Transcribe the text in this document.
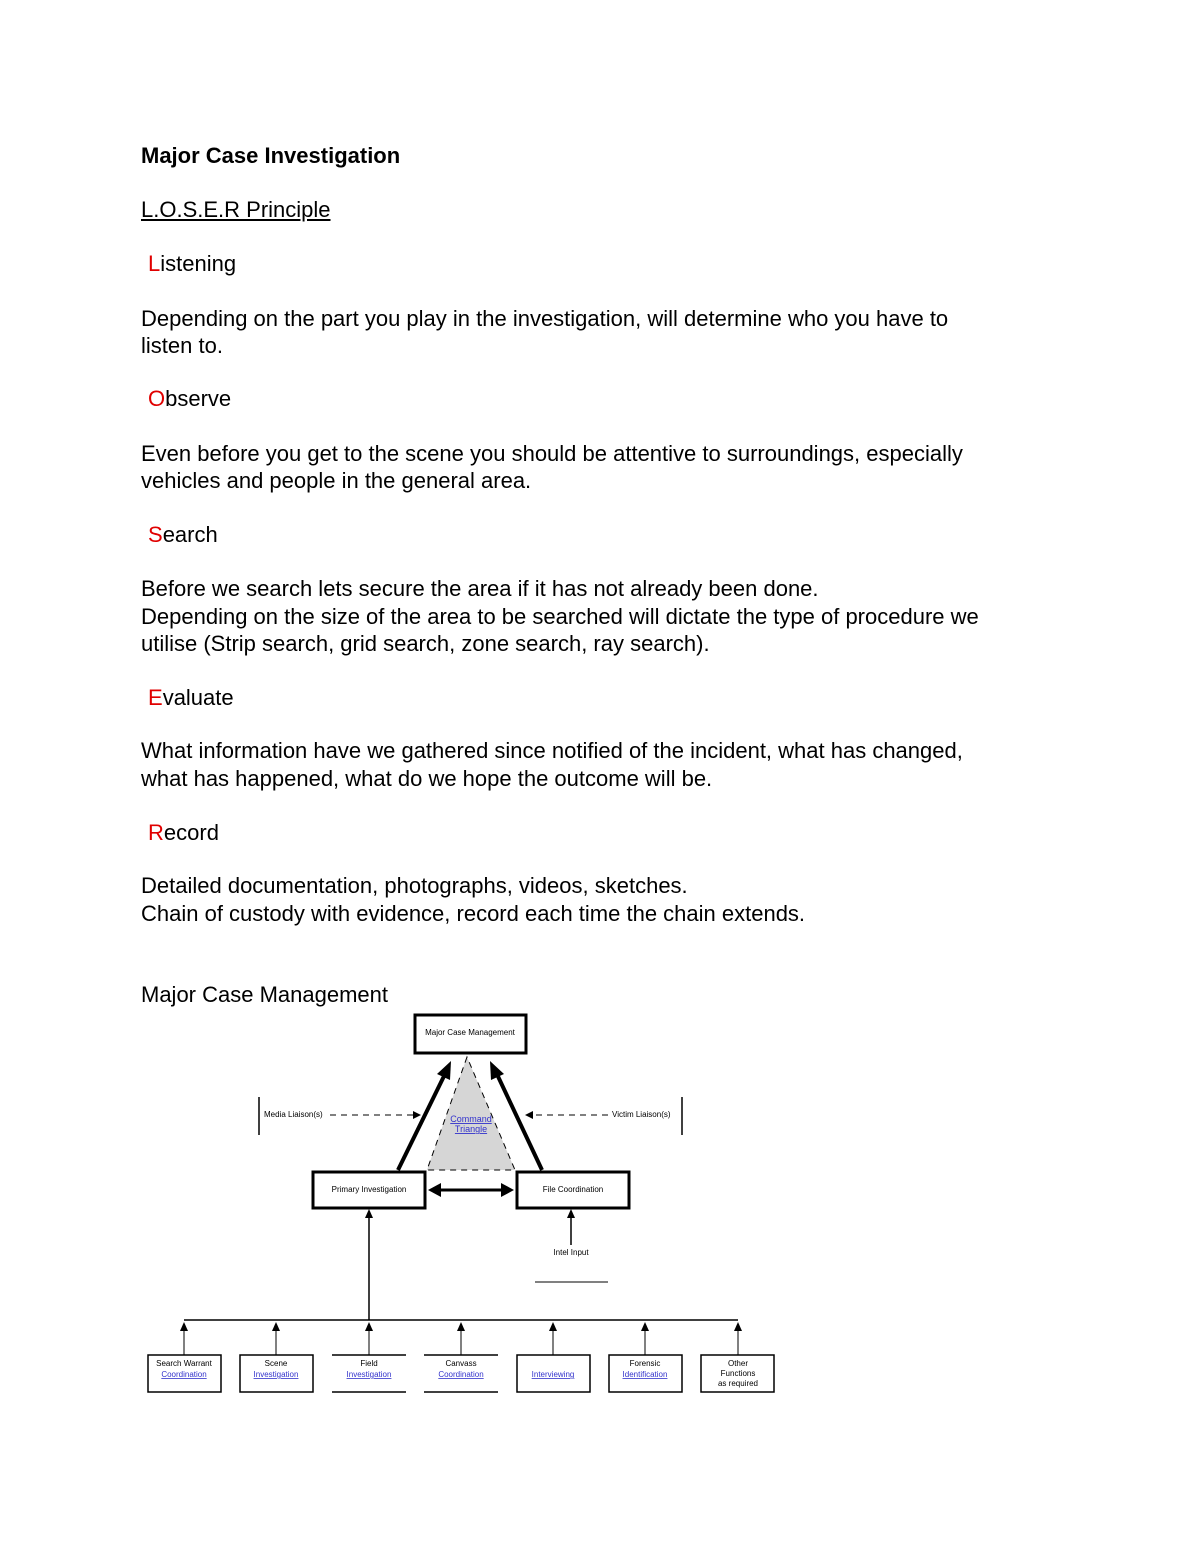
Major Case Investigation

L.O.S.E.R Principle

Listening

Depending on the part you play in the investigation, will determine who you have to

listen to.

Observe

Even before you get to the scene you should be attentive to surroundings, especially

vehicles and people in the general area.

Search

Before we search lets secure the area if it has not already been done.

Depending on the size of the area to be searched will dictate the type of procedure we

utilise (Strip search, grid search, zone search, ray search).

Evaluate

What information have we gathered since notified of the incident, what has changed,

what has happened, what do we hope the outcome will be.

Record

Detailed documentation, photographs, videos, sketches.

Chain of custody with evidence, record each time the chain extends.

Major Case Management

Command
Triangle
Major Case Management
Media Liaison(s)	Victim Liaison(s)
Primary Investigation	File Coordination
Intel Input
Search Warrant
Coordination
Scene
Investigation
Field
Investigation
Canvass
Coordination	Interviewing
Forensic
Identification
Other
Functions
as required
